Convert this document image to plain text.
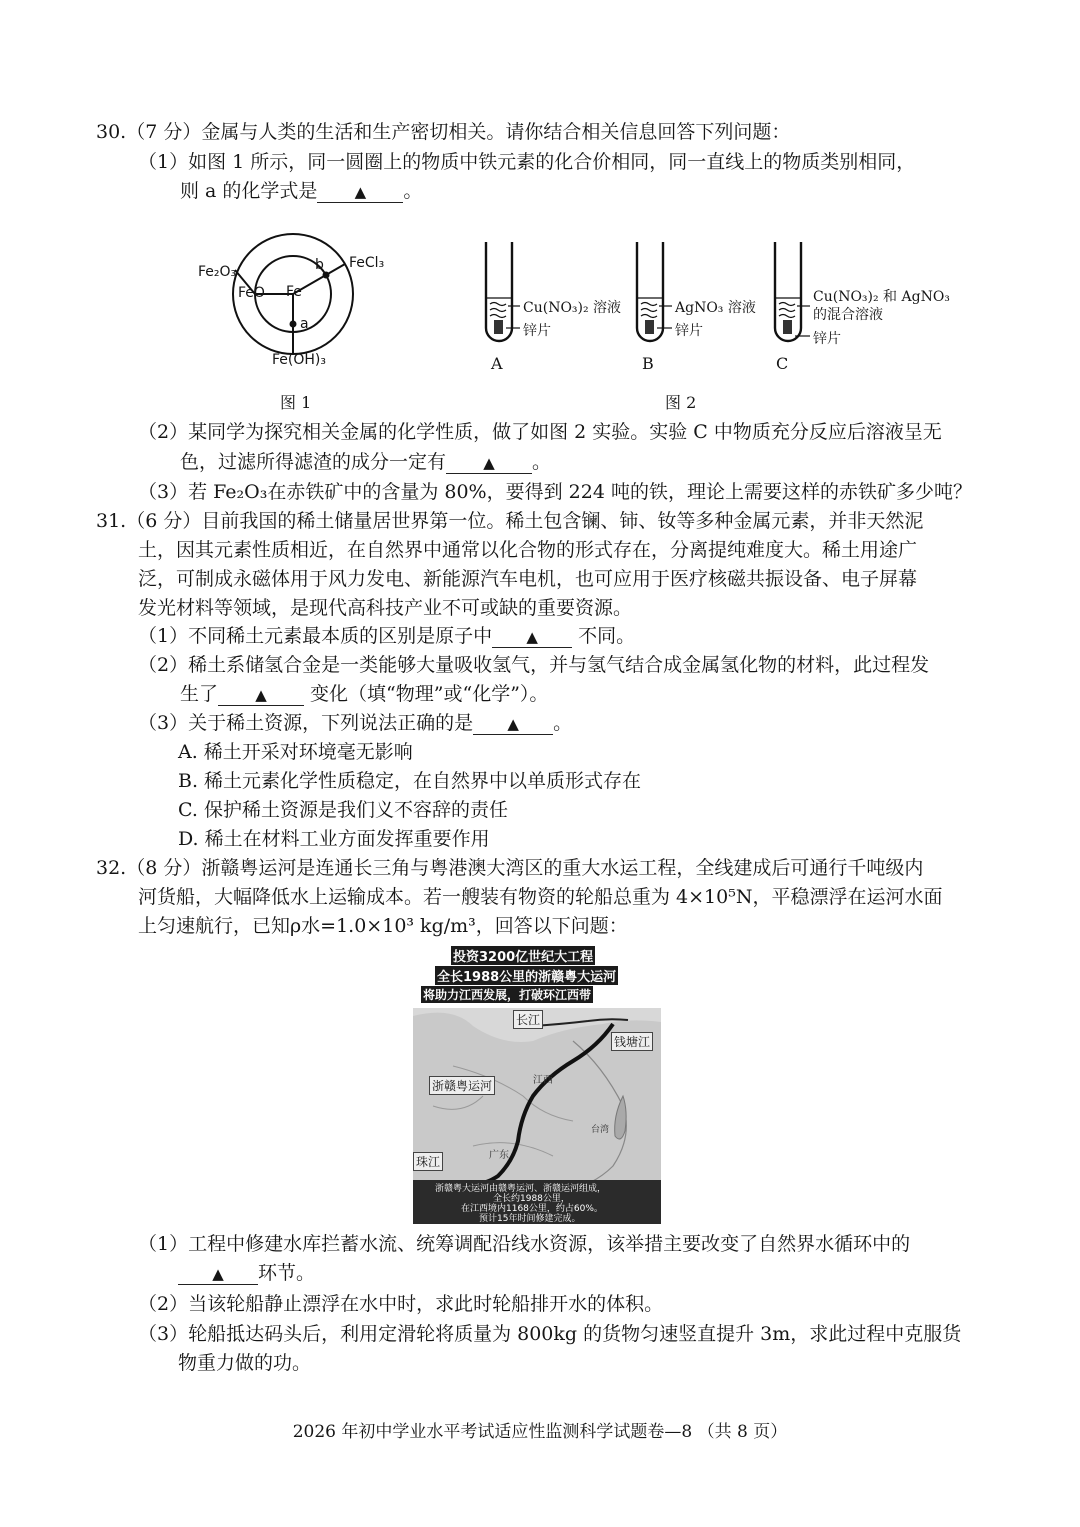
30.（7 分）金属与人类的生活和生产密切相关。请你结合相关信息回答下列问题：
（1）如图 1 所示，同一圆圈上的物质中铁元素的化合价相同，同一直线上的物质类别相同，
则 a 的化学式是 ▲ 。
Fe₂O₃
FeO Fe
FeCl₃
Fe(OH)₃
a
b
图 1
Cu(NO₃)₂ 溶液
锌片
A
AgNO₃ 溶液
锌片
B
Cu(NO₃)₂ 和 AgNO₃
的混合溶液
锌片
C
图 2
（2）某同学为探究相关金属的化学性质，做了如图 2 实验。实验 C 中物质充分反应后溶液呈无
色，过滤所得滤渣的成分一定有 ▲ 。
（3）若 Fe₂O₃在赤铁矿中的含量为 80%，要得到 224 吨的铁，理论上需要这样的赤铁矿多少吨？
31.（6 分）目前我国的稀土储量居世界第一位。稀土包含镧、铈、钕等多种金属元素，并非天然泥
土，因其元素性质相近，在自然界中通常以化合物的形式存在，分离提纯难度大。稀土用途广
泛，可制成永磁体用于风力发电、新能源汽车电机，也可应用于医疗核磁共振设备、电子屏幕
发光材料等领域，是现代高科技产业不可或缺的重要资源。
（1）不同稀土元素最本质的区别是原子中 ▲ 不同。
（2）稀土系储氢合金是一类能够大量吸收氢气，并与氢气结合成金属氢化物的材料，此过程发
生了 ▲ 变化（填“物理”或“化学”）。
（3）关于稀土资源，下列说法正确的是 ▲ 。
A. 稀土开采对环境毫无影响
B. 稀土元素化学性质稳定，在自然界中以单质形式存在
C. 保护稀土资源是我们义不容辞的责任
D. 稀土在材料工业方面发挥重要作用
32.（8 分）浙赣粤运河是连通长三角与粤港澳大湾区的重大水运工程，全线建成后可通行千吨级内
河货船，大幅降低水上运输成本。若一艘装有物资的轮船总重为 4×10⁵N，平稳漂浮在运河水面
上匀速航行，已知ρ水=1.0×10³ kg/m³，回答以下问题：
投资3200亿世纪大工程
全长1988公里的浙赣粤大运河
将助力江西发展，打破环江西带
长江
钱塘江
浙赣粤运河	江西
广东
台湾
珠江
浙赣粤大运河由赣粤运河、浙赣运河组成，
全长约1988公里，
在江西境内1168公里，约占60%。
预计15年时间修建完成。
（1）工程中修建水库拦蓄水流、统筹调配沿线水资源，该举措主要改变了自然界水循环中的
▲ 环节。
（2）当该轮船静止漂浮在水中时，求此时轮船排开水的体积。
（3）轮船抵达码头后，利用定滑轮将质量为 800kg 的货物匀速竖直提升 3m，求此过程中克服货
物重力做的功。
2026 年初中学业水平考试适应性监测科学试题卷—8 （共 8 页）
